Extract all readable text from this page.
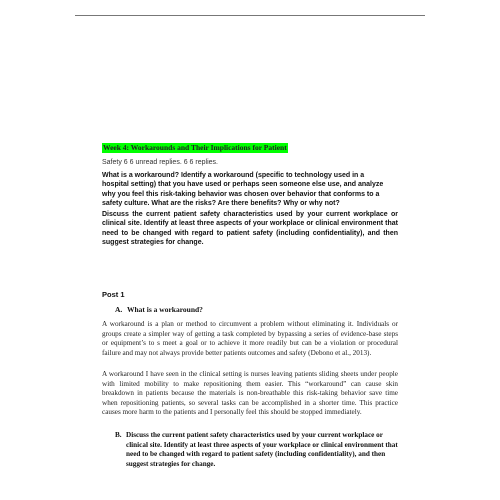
Week 4: Workarounds and Their Implications for Patient
Safety 6 6 unread replies. 6 6 replies.
What is a workaround? Identify a workaround (specific to technology used in a hospital setting) that you have used or perhaps seen someone else use, and analyze why you feel this risk-taking behavior was chosen over behavior that conforms to a safety culture. What are the risks? Are there benefits? Why or why not?
Discuss the current patient safety characteristics used by your current workplace or clinical site. Identify at least three aspects of your workplace or clinical environment that need to be changed with regard to patient safety (including confidentiality), and then suggest strategies for change.
Post 1
A. What is a workaround?
A workaround is a plan or method to circumvent a problem without eliminating it. Individuals or groups create a simpler way of getting a task completed by bypassing a series of evidence-base steps or equipment’s to s meet a goal or to achieve it more readily but can be a violation or procedural failure and may not always provide better patients outcomes and safety (Debono et al., 2013).
A workaround I have seen in the clinical setting is nurses leaving patients sliding sheets under people with limited mobility to make repositioning them easier. This “workaround” can cause skin breakdown in patients because the materials is non-breathable this risk-taking behavior save time when repositioning patients, so several tasks can be accomplished in a shorter time. This practice causes more harm to the patients and I personally feel this should be stopped immediately.
B. Discuss the current patient safety characteristics used by your current workplace or clinical site. Identify at least three aspects of your workplace or clinical environment that need to be changed with regard to patient safety (including confidentiality), and then suggest strategies for change.
